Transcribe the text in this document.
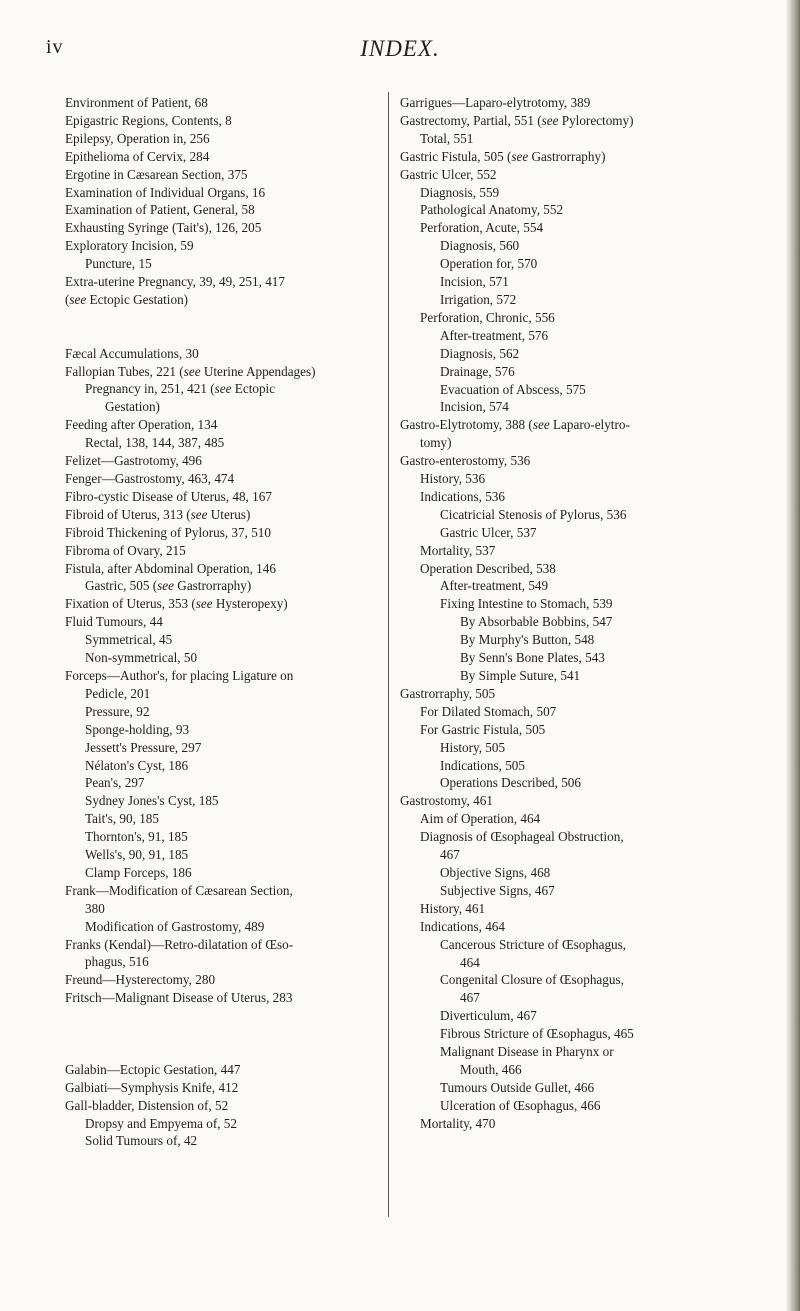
iv	INDEX.
Environment of Patient, 68
Epigastric Regions, Contents, 8
Epilepsy, Operation in, 256
Epithelioma of Cervix, 284
Ergotine in Cæsarean Section, 375
Examination of Individual Organs, 16
Examination of Patient, General, 58
Exhausting Syringe (Tait's), 126, 205
Exploratory Incision, 59
Puncture, 15
Extra-uterine Pregnancy, 39, 49, 251, 417
(see Ectopic Gestation)
Fæcal Accumulations, 30
Fallopian Tubes, 221 (see Uterine Appendages)
Pregnancy in, 251, 421 (see Ectopic
Gestation)
Feeding after Operation, 134
Rectal, 138, 144, 387, 485
Felizet—Gastrotomy, 496
Fenger—Gastrostomy, 463, 474
Fibro-cystic Disease of Uterus, 48, 167
Fibroid of Uterus, 313 (see Uterus)
Fibroid Thickening of Pylorus, 37, 510
Fibroma of Ovary, 215
Fistula, after Abdominal Operation, 146
Gastric, 505 (see Gastrorraphy)
Fixation of Uterus, 353 (see Hysteropexy)
Fluid Tumours, 44
Symmetrical, 45
Non-symmetrical, 50
Forceps—Author's, for placing Ligature on
Pedicle, 201
Pressure, 92
Sponge-holding, 93
Jessett's Pressure, 297
Nélaton's Cyst, 186
Pean's, 297
Sydney Jones's Cyst, 185
Tait's, 90, 185
Thornton's, 91, 185
Wells's, 90, 91, 185
Clamp Forceps, 186
Frank—Modification of Cæsarean Section,
380
Modification of Gastrostomy, 489
Franks (Kendal)—Retro-dilatation of Œso-
phagus, 516
Freund—Hysterectomy, 280
Fritsch—Malignant Disease of Uterus, 283
Galabin—Ectopic Gestation, 447
Galbiati—Symphysis Knife, 412
Gall-bladder, Distension of, 52
Dropsy and Empyema of, 52
Solid Tumours of, 42
Garrigues—Laparo-elytrotomy, 389
Gastrectomy, Partial, 551 (see Pylorectomy)
Total, 551
Gastric Fistula, 505 (see Gastrorraphy)
Gastric Ulcer, 552
Diagnosis, 559
Pathological Anatomy, 552
Perforation, Acute, 554
Diagnosis, 560
Operation for, 570
Incision, 571
Irrigation, 572
Perforation, Chronic, 556
After-treatment, 576
Diagnosis, 562
Drainage, 576
Evacuation of Abscess, 575
Incision, 574
Gastro-Elytrotomy, 388 (see Laparo-elytro-
tomy)
Gastro-enterostomy, 536
History, 536
Indications, 536
Cicatricial Stenosis of Pylorus, 536
Gastric Ulcer, 537
Mortality, 537
Operation Described, 538
After-treatment, 549
Fixing Intestine to Stomach, 539
By Absorbable Bobbins, 547
By Murphy's Button, 548
By Senn's Bone Plates, 543
By Simple Suture, 541
Gastrorraphy, 505
For Dilated Stomach, 507
For Gastric Fistula, 505
History, 505
Indications, 505
Operations Described, 506
Gastrostomy, 461
Aim of Operation, 464
Diagnosis of Œsophageal Obstruction,
467
Objective Signs, 468
Subjective Signs, 467
History, 461
Indications, 464
Cancerous Stricture of Œsophagus,
464
Congenital Closure of Œsophagus,
467
Diverticulum, 467
Fibrous Stricture of Œsophagus, 465
Malignant Disease in Pharynx or
Mouth, 466
Tumours Outside Gullet, 466
Ulceration of Œsophagus, 466
Mortality, 470
